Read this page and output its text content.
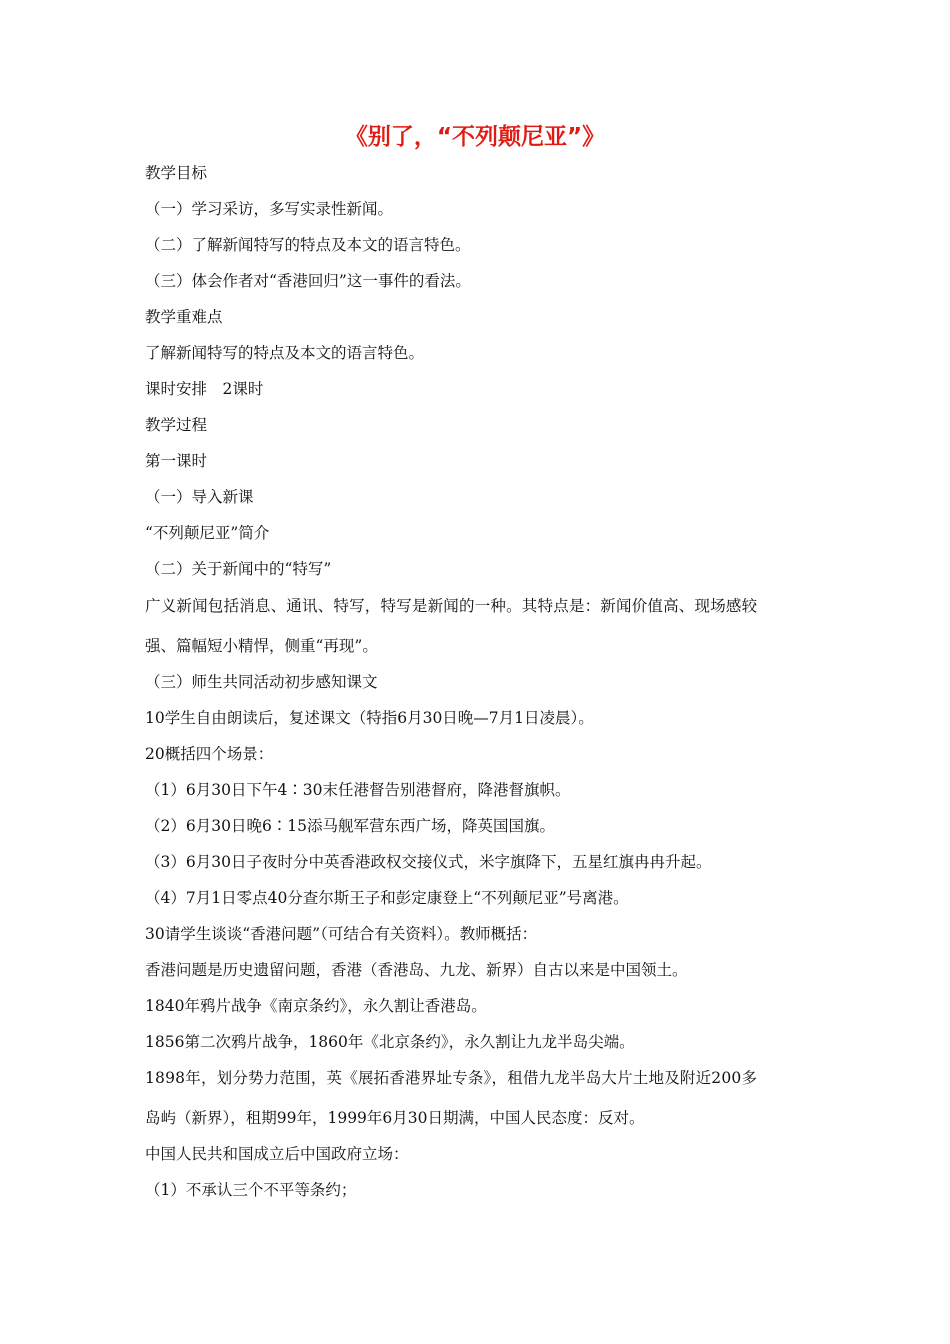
《别了，“不列颠尼亚”》
教学目标
（一）学习采访，多写实录性新闻。
（二）了解新闻特写的特点及本文的语言特色。
（三）体会作者对“香港回归”这一事件的看法。
教学重难点
了解新闻特写的特点及本文的语言特色。
课时安排　2课时
教学过程
第一课时
（一）导入新课
“不列颠尼亚”简介
（二）关于新闻中的“特写”
广义新闻包括消息、通讯、特写，特写是新闻的一种。其特点是：新闻价值高、现场感较
强、篇幅短小精悍，侧重“再现”。
（三）师生共同活动初步感知课文
10学生自由朗读后，复述课文（特指6月30日晚—7月1日凌晨）。
20概括四个场景：
（1）6月30日下午4∶30末任港督告别港督府，降港督旗帜。
（2）6月30日晚6∶15添马舰军营东西广场，降英国国旗。
（3）6月30日子夜时分中英香港政权交接仪式，米字旗降下，五星红旗冉冉升起。
（4）7月1日零点40分查尔斯王子和彭定康登上“不列颠尼亚”号离港。
30请学生谈谈“香港问题”（可结合有关资料）。教师概括：
香港问题是历史遗留问题，香港（香港岛、九龙、新界）自古以来是中国领土。
1840年鸦片战争《南京条约》，永久割让香港岛。
1856第二次鸦片战争，1860年《北京条约》，永久割让九龙半岛尖端。
1898年，划分势力范围，英《展拓香港界址专条》，租借九龙半岛大片土地及附近200多
岛屿（新界），租期99年，1999年6月30日期满，中国人民态度：反对。
中国人民共和国成立后中国政府立场：
（1）不承认三个不平等条约；
